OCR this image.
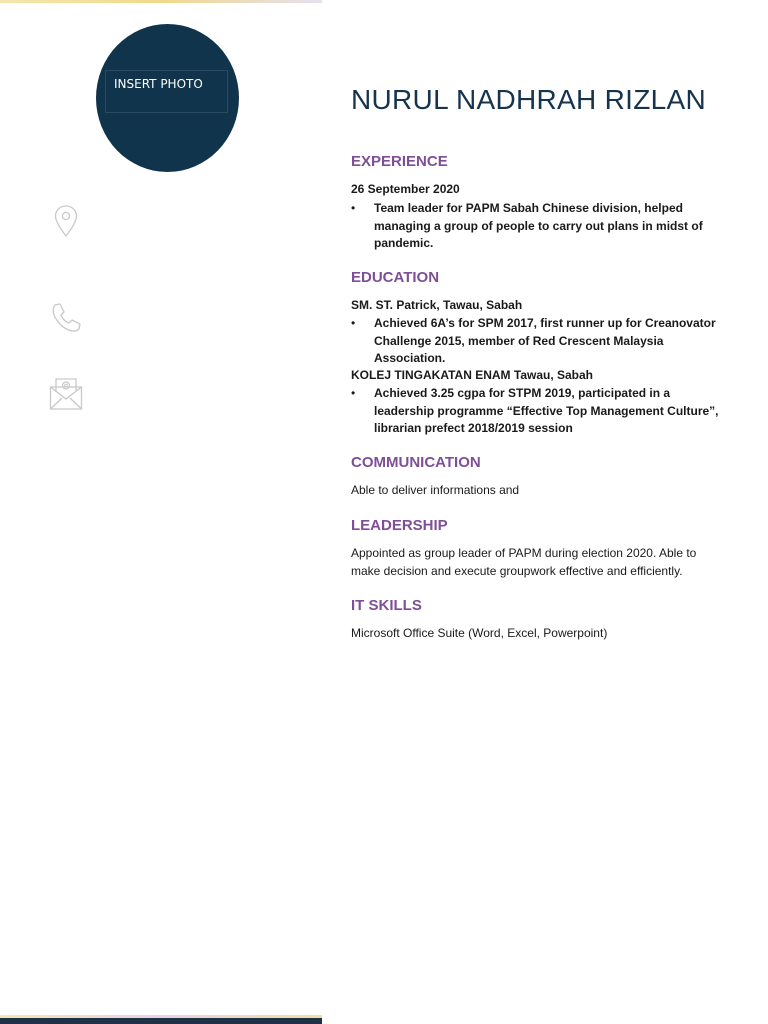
INSERT PHOTO	NURUL NADHRAH RIZLAN
EXPERIENCE
26 September 2020
•	Team leader for PAPM Sabah Chinese division, helped managing a group of people to carry out plans in midst of pandemic.
EDUCATION
SM. ST. Patrick, Tawau, Sabah
•	Achieved 6A’s for SPM 2017, first runner up for Creanovator Challenge 2015, member of Red Crescent Malaysia Association.
KOLEJ TINGAKATAN ENAM Tawau, Sabah
•	Achieved 3.25 cgpa for STPM 2019, participated in a leadership programme “Effective Top Management Culture”, librarian prefect 2018/2019 session
COMMUNICATION
Able to deliver informations and
LEADERSHIP
Appointed as group leader of PAPM during election 2020. Able to
make decision and execute groupwork effective and efficiently.
IT SKILLS
Microsoft Office Suite (Word, Excel, Powerpoint)
